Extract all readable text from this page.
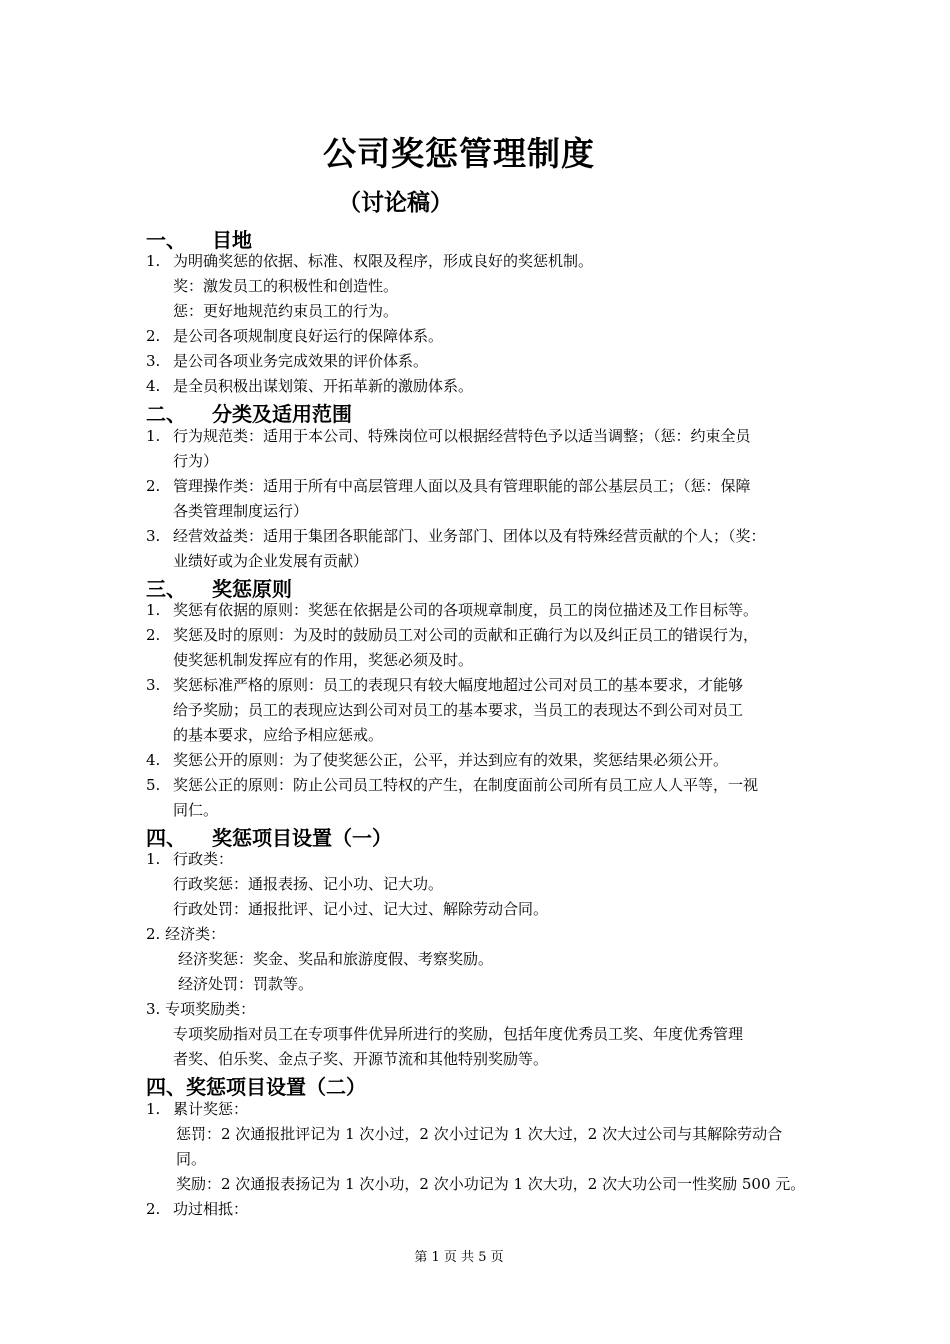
公司奖惩管理制度
（讨论稿）
一、 目地
1. 为明确奖惩的依据、标准、权限及程序，形成良好的奖惩机制。
奖：激发员工的积极性和创造性。
惩：更好地规范约束员工的行为。
2. 是公司各项规制度良好运行的保障体系。
3. 是公司各项业务完成效果的评价体系。
4. 是全员积极出谋划策、开拓革新的激励体系。
二、 分类及适用范围
1. 行为规范类：适用于本公司、特殊岗位可以根据经营特色予以适当调整；（惩：约束全员
行为）
2. 管理操作类：适用于所有中高层管理人面以及具有管理职能的部公基层员工；（惩：保障
各类管理制度运行）
3. 经营效益类：适用于集团各职能部门、业务部门、团体以及有特殊经营贡献的个人；（奖：
业绩好或为企业发展有贡献）
三、 奖惩原则
1. 奖惩有依据的原则：奖惩在依据是公司的各项规章制度，员工的岗位描述及工作目标等。
2. 奖惩及时的原则：为及时的鼓励员工对公司的贡献和正确行为以及纠正员工的错误行为，
使奖惩机制发挥应有的作用，奖惩必须及时。
3. 奖惩标准严格的原则：员工的表现只有较大幅度地超过公司对员工的基本要求，才能够
给予奖励；员工的表现应达到公司对员工的基本要求，当员工的表现达不到公司对员工
的基本要求，应给予相应惩戒。
4. 奖惩公开的原则：为了使奖惩公正，公平，并达到应有的效果，奖惩结果必须公开。
5. 奖惩公正的原则：防止公司员工特权的产生，在制度面前公司所有员工应人人平等，一视
同仁。
四、 奖惩项目设置（一）
1. 行政类：
行政奖惩：通报表扬、记小功、记大功。
行政处罚：通报批评、记小过、记大过、解除劳动合同。
2. 经济类：
经济奖惩：奖金、奖品和旅游度假、考察奖励。
经济处罚：罚款等。
3. 专项奖励类：
专项奖励指对员工在专项事件优异所进行的奖励，包括年度优秀员工奖、年度优秀管理
者奖、伯乐奖、金点子奖、开源节流和其他特别奖励等。
四、奖惩项目设置（二）
1. 累计奖惩：
惩罚：2 次通报批评记为 1 次小过，2 次小过记为 1 次大过，2 次大过公司与其解除劳动合
同。
奖励：2 次通报表扬记为 1 次小功，2 次小功记为 1 次大功，2 次大功公司一性奖励 500 元。
2. 功过相抵：
第 1 页 共 5 页
